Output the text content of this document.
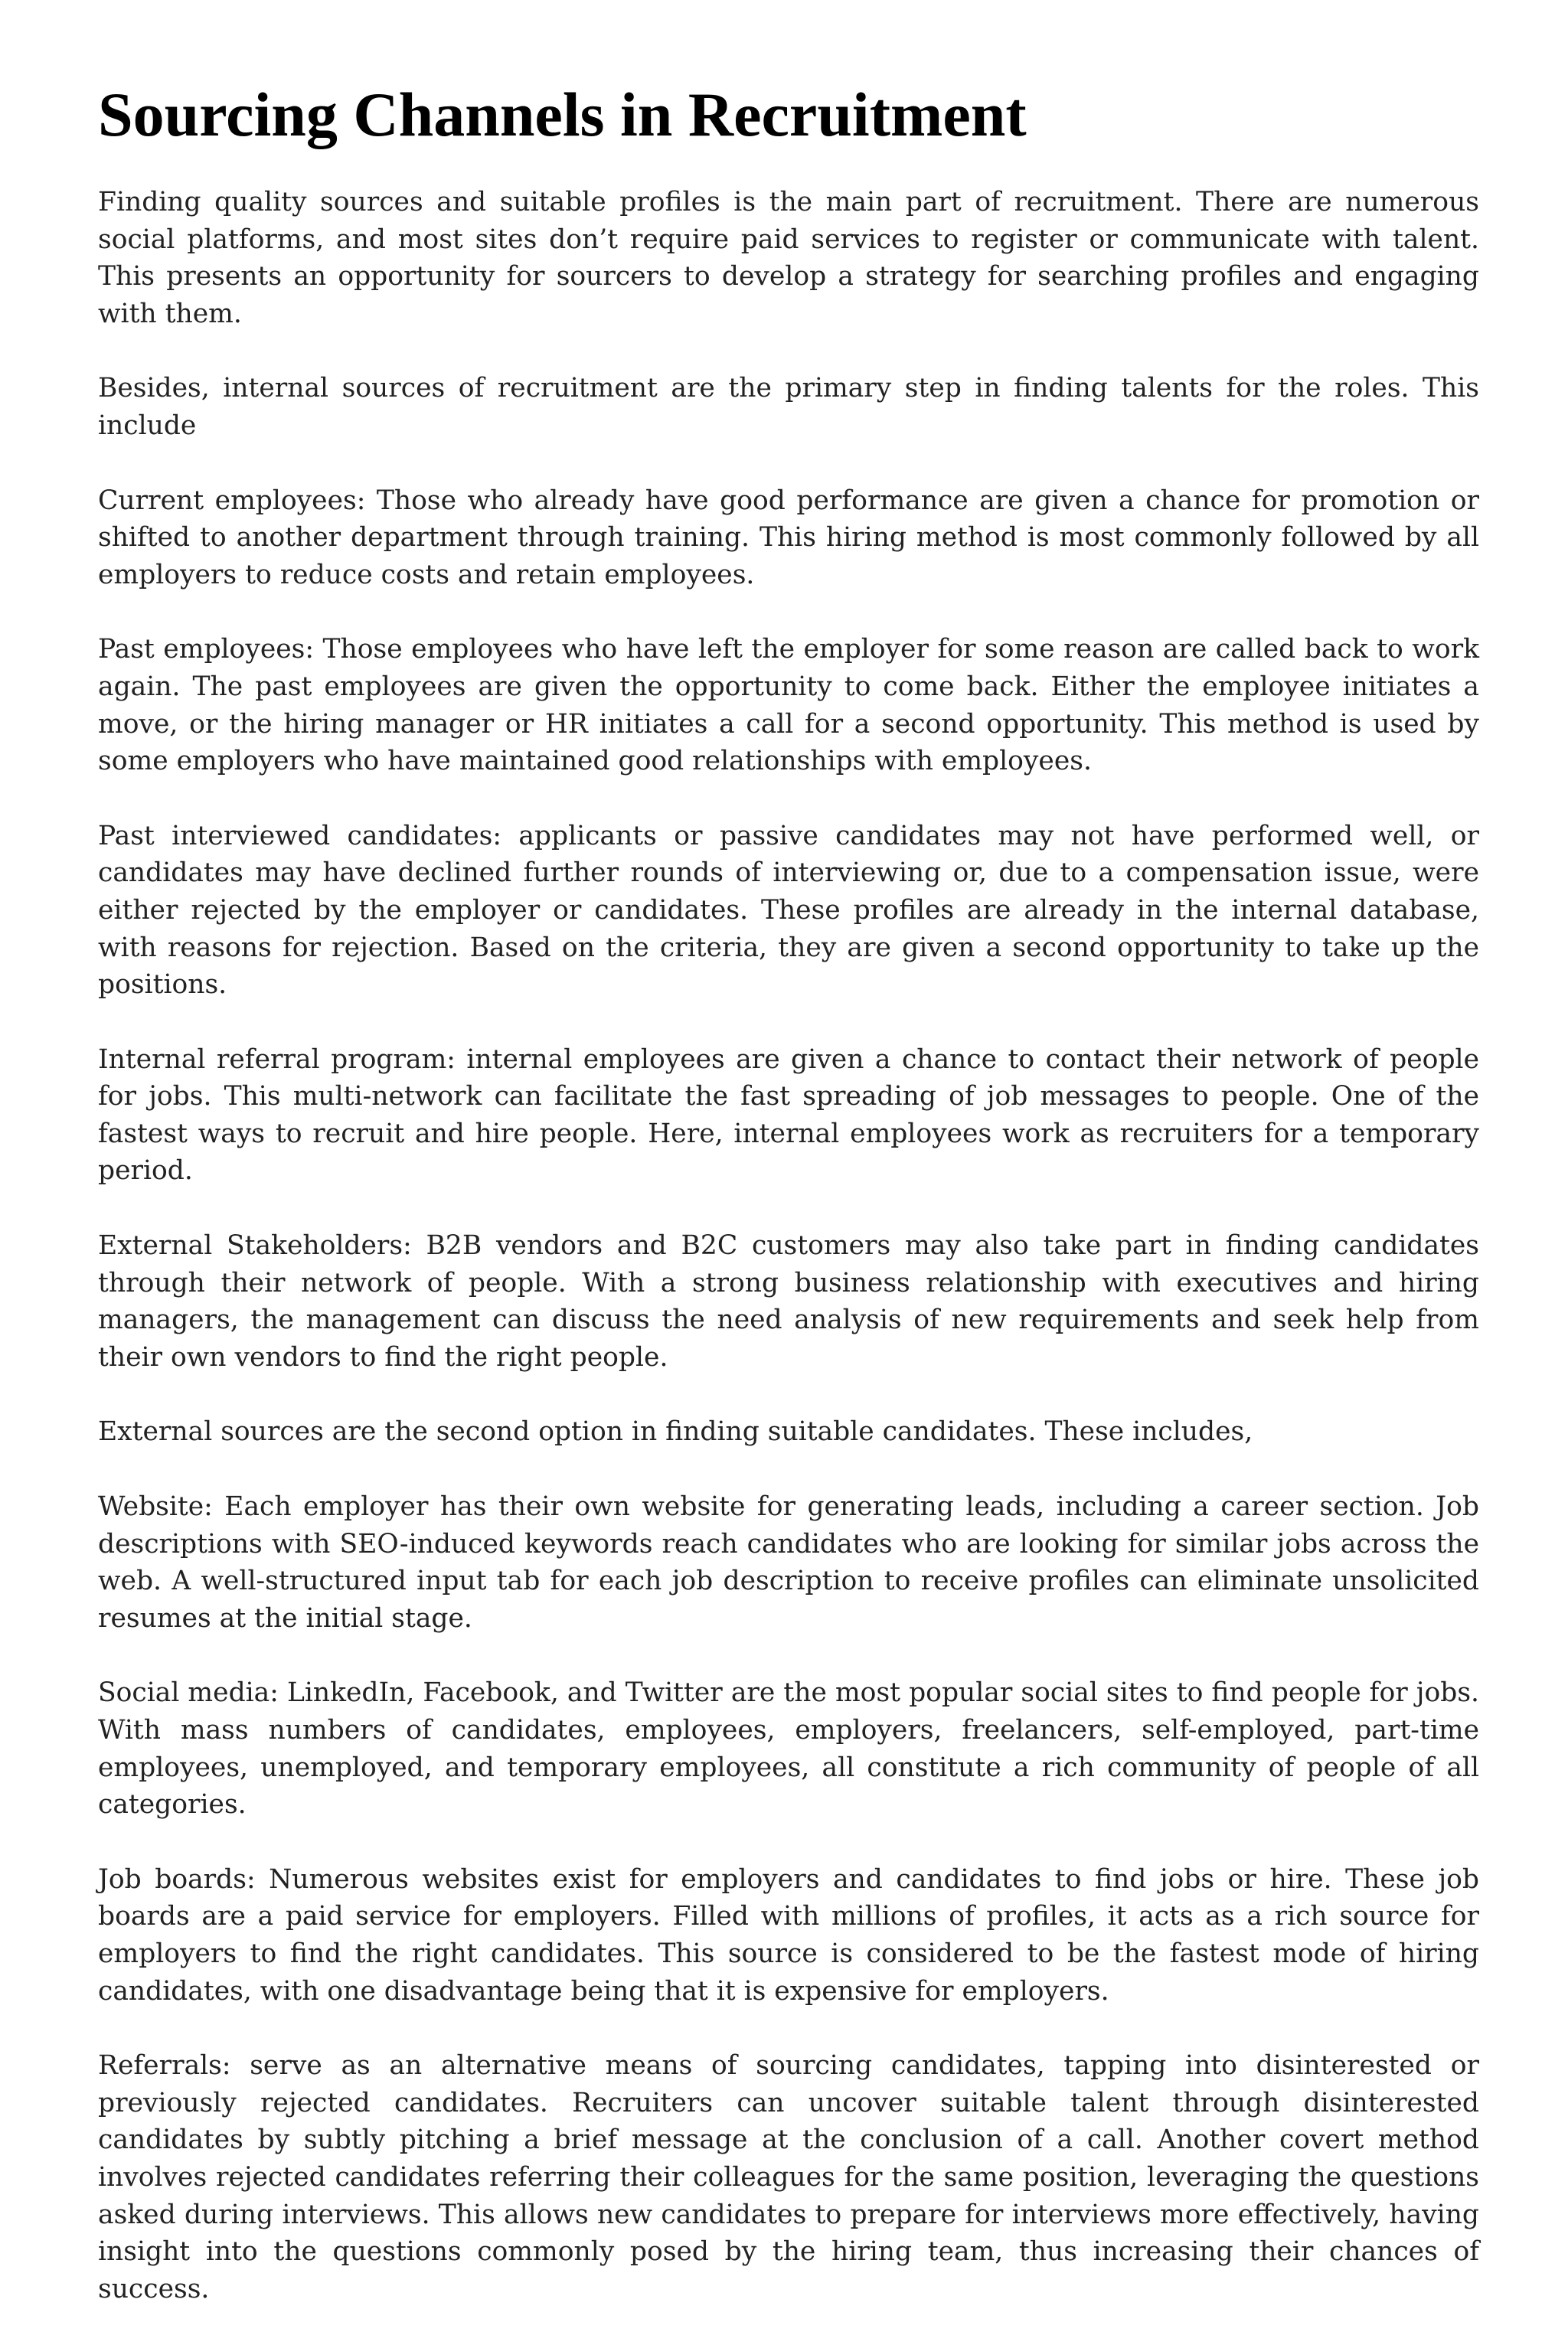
Sourcing Channels in Recruitment

Finding quality sources and suitable profiles is the main part of recruitment. There are numerous social platforms, and most sites don’t require paid services to register or communicate with talent. This presents an opportunity for sourcers to develop a strategy for searching profiles and engaging with them.

Besides, internal sources of recruitment are the primary step in finding talents for the roles. This include

Current employees: Those who already have good performance are given a chance for promotion or shifted to another department through training. This hiring method is most commonly followed by all employers to reduce costs and retain employees.

Past employees: Those employees who have left the employer for some reason are called back to work again. The past employees are given the opportunity to come back. Either the employee initiates a move, or the hiring manager or HR initiates a call for a second opportunity. This method is used by some employers who have maintained good relationships with employees.

Past interviewed candidates: applicants or passive candidates may not have performed well, or candidates may have declined further rounds of interviewing or, due to a compensation issue, were either rejected by the employer or candidates. These profiles are already in the internal database, with reasons for rejection. Based on the criteria, they are given a second opportunity to take up the positions.

Internal referral program: internal employees are given a chance to contact their network of people for jobs. This multi-network can facilitate the fast spreading of job messages to people. One of the fastest ways to recruit and hire people. Here, internal employees work as recruiters for a temporary period.

External Stakeholders: B2B vendors and B2C customers may also take part in finding candidates through their network of people. With a strong business relationship with executives and hiring managers, the management can discuss the need analysis of new requirements and seek help from their own vendors to find the right people.

External sources are the second option in finding suitable candidates. These includes,

Website: Each employer has their own website for generating leads, including a career section. Job descriptions with SEO-induced keywords reach candidates who are looking for similar jobs across the web. A well-structured input tab for each job description to receive profiles can eliminate unsolicited resumes at the initial stage.

Social media: LinkedIn, Facebook, and Twitter are the most popular social sites to find people for jobs. With mass numbers of candidates, employees, employers, freelancers, self-employed, part-time employees, unemployed, and temporary employees, all constitute a rich community of people of all categories.

Job boards: Numerous websites exist for employers and candidates to find jobs or hire. These job boards are a paid service for employers. Filled with millions of profiles, it acts as a rich source for employers to find the right candidates. This source is considered to be the fastest mode of hiring candidates, with one disadvantage being that it is expensive for employers.

Referrals: serve as an alternative means of sourcing candidates, tapping into disinterested or previously rejected candidates. Recruiters can uncover suitable talent through disinterested candidates by subtly pitching a brief message at the conclusion of a call. Another covert method involves rejected candidates referring their colleagues for the same position, leveraging the questions asked during interviews. This allows new candidates to prepare for interviews more effectively, having insight into the questions commonly posed by the hiring team, thus increasing their chances of success.
